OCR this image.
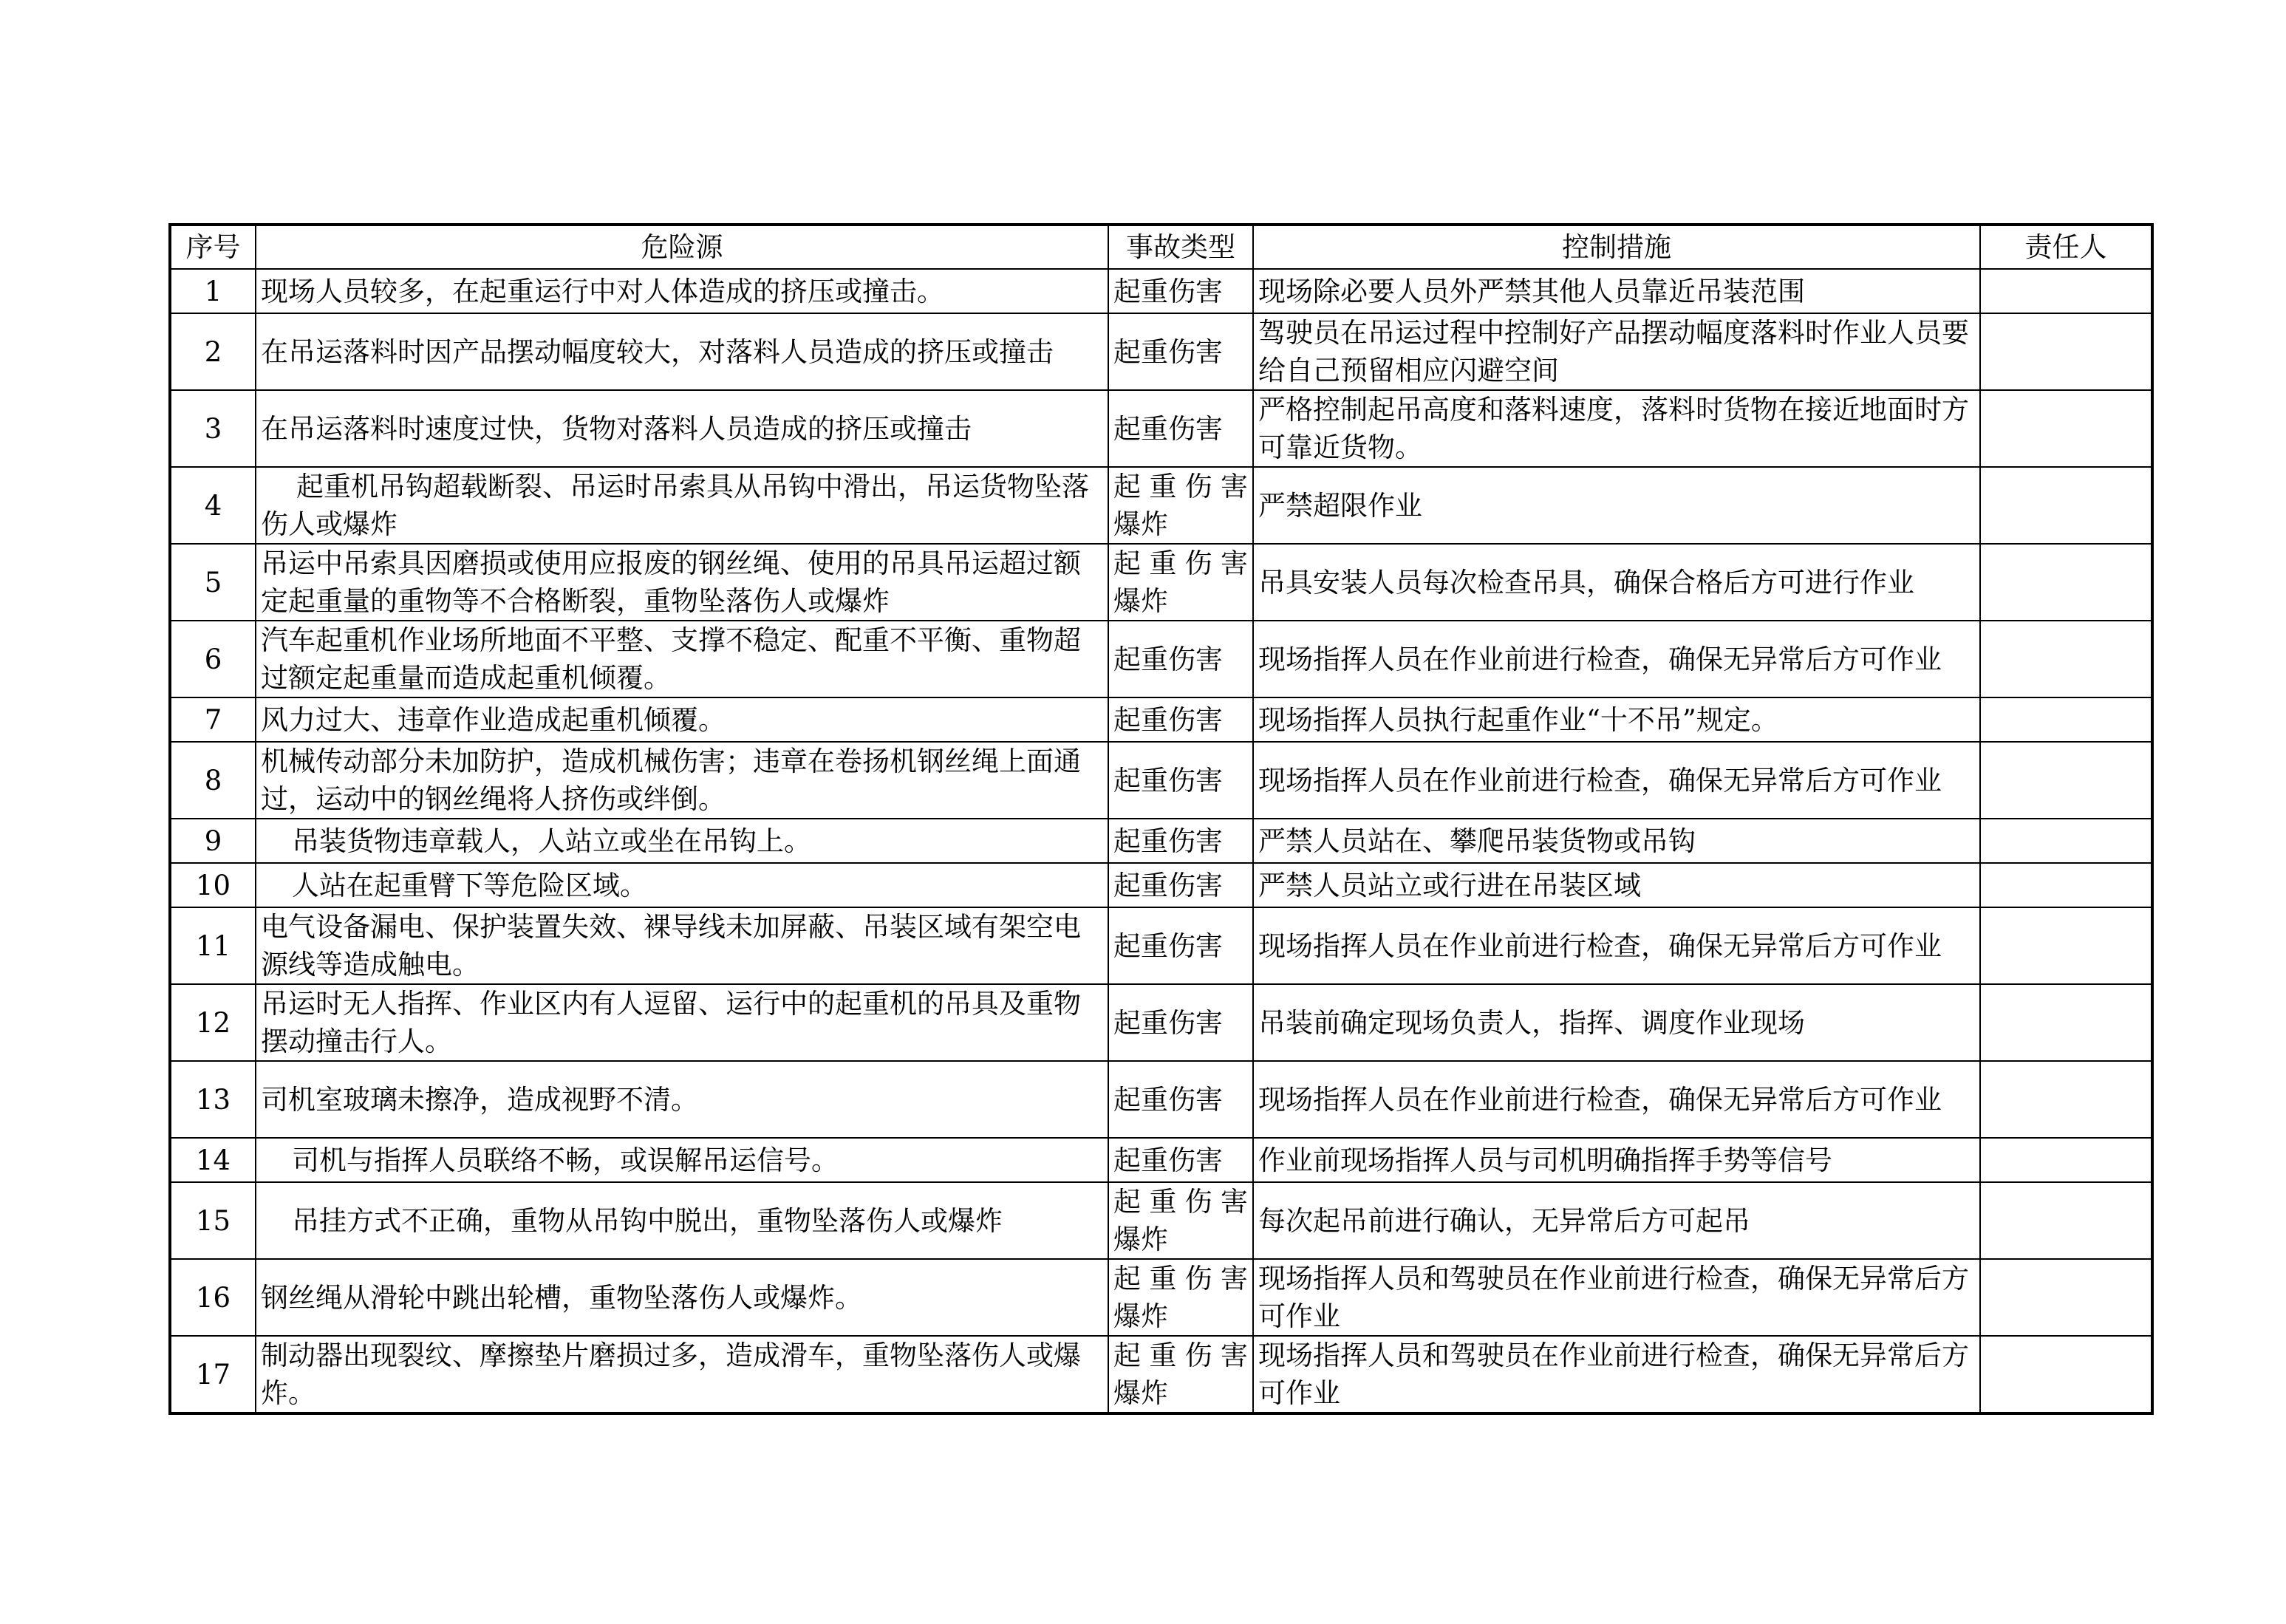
序号	危险源	事故类型	控制措施	责任人
1	现场人员较多，在起重运行中对人体造成的挤压或撞击。	起重伤害	现场除必要人员外严禁其他人员靠近吊装范围	
2	在吊运落料时因产品摆动幅度较大，对落料人员造成的挤压或撞击	起重伤害	驾驶员在吊运过程中控制好产品摆动幅度落料时作业人员要给自己预留相应闪避空间	
3	在吊运落料时速度过快，货物对落料人员造成的挤压或撞击	起重伤害	严格控制起吊高度和落料速度，落料时货物在接近地面时方可靠近货物。	
4	起重机吊钩超载断裂、吊运时吊索具从吊钩中滑出，吊运货物坠落伤人或爆炸	起重伤害爆炸	严禁超限作业	
5	吊运中吊索具因磨损或使用应报废的钢丝绳、使用的吊具吊运超过额定起重量的重物等不合格断裂，重物坠落伤人或爆炸	起重伤害爆炸	吊具安装人员每次检查吊具，确保合格后方可进行作业	
6	汽车起重机作业场所地面不平整、支撑不稳定、配重不平衡、重物超过额定起重量而造成起重机倾覆。	起重伤害	现场指挥人员在作业前进行检查，确保无异常后方可作业	
7	风力过大、违章作业造成起重机倾覆。	起重伤害	现场指挥人员执行起重作业“十不吊”规定。	
8	机械传动部分未加防护，造成机械伤害；违章在卷扬机钢丝绳上面通过，运动中的钢丝绳将人挤伤或绊倒。	起重伤害	现场指挥人员在作业前进行检查，确保无异常后方可作业	
9	吊装货物违章载人，人站立或坐在吊钩上。	起重伤害	严禁人员站在、攀爬吊装货物或吊钩	
10	人站在起重臂下等危险区域。	起重伤害	严禁人员站立或行进在吊装区域	
11	电气设备漏电、保护装置失效、裸导线未加屏蔽、吊装区域有架空电源线等造成触电。	起重伤害	现场指挥人员在作业前进行检查，确保无异常后方可作业	
12	吊运时无人指挥、作业区内有人逗留、运行中的起重机的吊具及重物摆动撞击行人。	起重伤害	吊装前确定现场负责人，指挥、调度作业现场	
13	司机室玻璃未擦净，造成视野不清。	起重伤害	现场指挥人员在作业前进行检查，确保无异常后方可作业	
14	司机与指挥人员联络不畅，或误解吊运信号。	起重伤害	作业前现场指挥人员与司机明确指挥手势等信号	
15	吊挂方式不正确，重物从吊钩中脱出，重物坠落伤人或爆炸	起重伤害爆炸	每次起吊前进行确认，无异常后方可起吊	
16	钢丝绳从滑轮中跳出轮槽，重物坠落伤人或爆炸。	起重伤害爆炸	现场指挥人员和驾驶员在作业前进行检查，确保无异常后方可作业	
17	制动器出现裂纹、摩擦垫片磨损过多，造成滑车，重物坠落伤人或爆炸。	起重伤害爆炸	现场指挥人员和驾驶员在作业前进行检查，确保无异常后方可作业	
